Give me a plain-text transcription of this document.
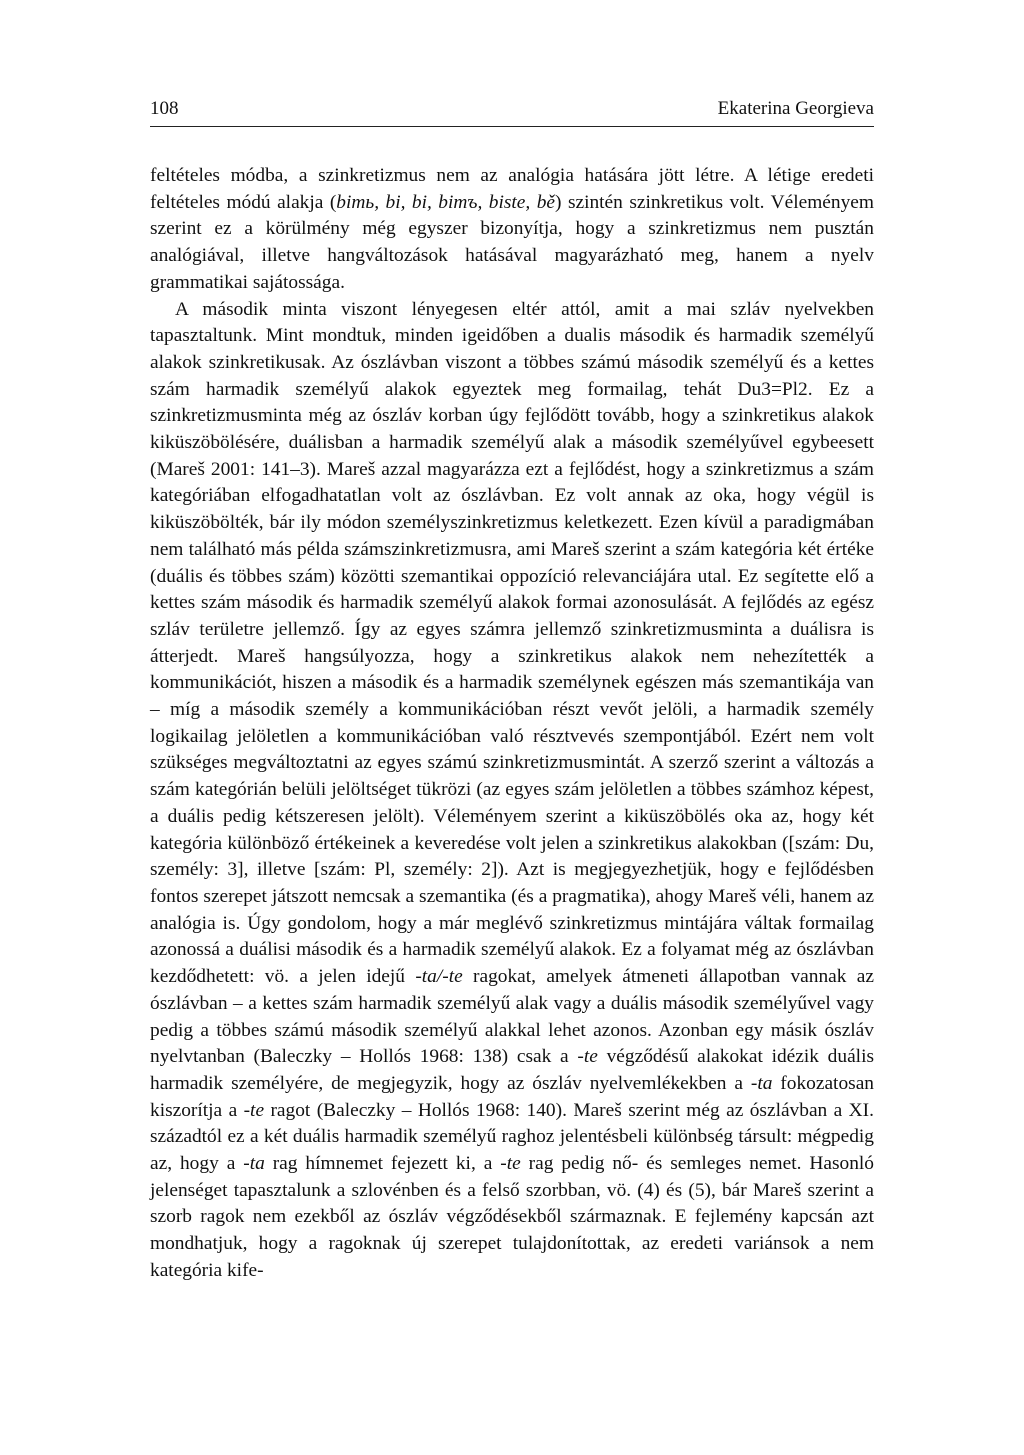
108	Ekaterina Georgieva

feltételes módba, a szinkretizmus nem az analógia hatására jött létre. A létige eredeti feltételes módú alakja (bimь, bi, bi, bimъ, biste, bě) szintén szinkretikus volt. Véleményem szerint ez a körülmény még egyszer bizonyítja, hogy a szinkretizmus nem pusztán analógiával, illetve hangváltozások hatásával magyarázható meg, hanem a nyelv grammatikai sajátossága.

A második minta viszont lényegesen eltér attól, amit a mai szláv nyelvekben tapasztaltunk. Mint mondtuk, minden igeidőben a dualis második és harmadik személyű alakok szinkretikusak. Az ószlávban viszont a többes számú második személyű és a kettes szám harmadik személyű alakok egyeztek meg formailag, tehát Du3=Pl2. Ez a szinkretizmusminta még az ószláv korban úgy fejlődött tovább, hogy a szinkretikus alakok kiküszöbölésére, duálisban a harmadik személyű alak a második személyűvel egybeesett (Mareš 2001: 141–3). Mareš azzal magyarázza ezt a fejlődést, hogy a szinkretizmus a szám kategóriában elfogadhatatlan volt az ószlávban. Ez volt annak az oka, hogy végül is kiküszöbölték, bár ily módon személyszinkretizmus keletkezett. Ezen kívül a paradigmában nem található más példa számszinkretizmusra, ami Mareš szerint a szám kategória két értéke (duális és többes szám) közötti szemantikai oppozíció relevanciájára utal. Ez segítette elő a kettes szám második és harmadik személyű alakok formai azonosulását. A fejlődés az egész szláv területre jellemző. Így az egyes számra jellemző szinkretizmusminta a duálisra is átterjedt. Mareš hangsúlyozza, hogy a szinkretikus alakok nem nehezítették a kommunikációt, hiszen a második és a harmadik személynek egészen más szemantikája van – míg a második személy a kommunikációban részt vevőt jelöli, a harmadik személy logikailag jelöletlen a kommunikációban való résztvevés szempontjából. Ezért nem volt szükséges megváltoztatni az egyes számú szinkretizmusmintát. A szerző szerint a változás a szám kategórián belüli jelöltséget tükrözi (az egyes szám jelöletlen a többes számhoz képest, a duális pedig kétszeresen jelölt). Véleményem szerint a kiküszöbölés oka az, hogy két kategória különböző értékeinek a keveredése volt jelen a szinkretikus alakokban ([szám: Du, személy: 3], illetve [szám: Pl, személy: 2]). Azt is megjegyezhetjük, hogy e fejlődésben fontos szerepet játszott nemcsak a szemantika (és a pragmatika), ahogy Mareš véli, hanem az analógia is. Úgy gondolom, hogy a már meglévő szinkretizmus mintájára váltak formailag azonossá a duálisi második és a harmadik személyű alakok. Ez a folyamat még az ószlávban kezdődhetett: vö. a jelen idejű -ta/-te ragokat, amelyek átmeneti állapotban vannak az ószlávban – a kettes szám harmadik személyű alak vagy a duális második személyűvel vagy pedig a többes számú második személyű alakkal lehet azonos. Azonban egy másik ószláv nyelvtanban (Baleczky – Hollós 1968: 138) csak a -te végződésű alakokat idézik duális harmadik személyére, de megjegyzik, hogy az ószláv nyelvemlékekben a -ta fokozatosan kiszorítja a -te ragot (Baleczky – Hollós 1968: 140). Mareš szerint még az ószlávban a XI. századtól ez a két duális harmadik személyű raghoz jelentésbeli különbség társult: mégpedig az, hogy a -ta rag hímnemet fejezett ki, a -te rag pedig nő- és semleges nemet. Hasonló jelenséget tapasztalunk a szlovénben és a felső szorbban, vö. (4) és (5), bár Mareš szerint a szorb ragok nem ezekből az ószláv végződésekből származnak. E fejlemény kapcsán azt mondhatjuk, hogy a ragoknak új szerepet tulajdonítottak, az eredeti variánsok a nem kategória kife-
